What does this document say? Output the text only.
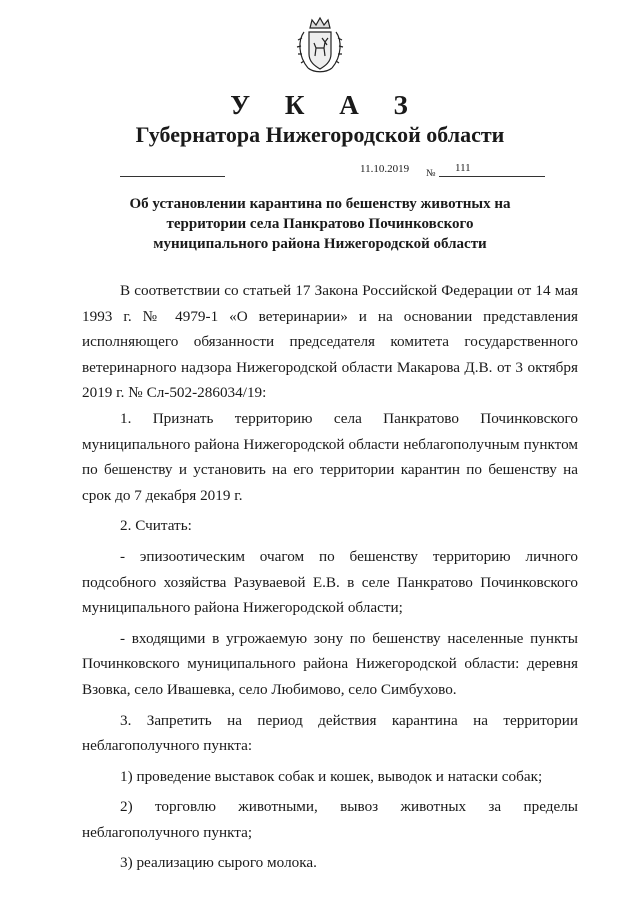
У К А З
Губернатора Нижегородской области
11.10.2019 № 111
Об установлении карантина по бешенству животных на
территории села Панкратово Починковского
муниципального района Нижегородской области

В соответствии со статьей 17 Закона Российской Федерации от 14 мая 1993 г. № 4979-1 «О ветеринарии» и на основании представления исполняющего обязанности председателя комитета государственного ветеринарного надзора Нижегородской области Макарова Д.В. от 3 октября 2019 г. № Сл-502-286034/19:

1. Признать территорию села Панкратово Починковского муниципального района Нижегородской области неблагополучным пунктом по бешенству и установить на его территории карантин по бешенству на срок до 7 декабря 2019 г.

2. Считать:

- эпизоотическим очагом по бешенству территорию личного подсобного хозяйства Разуваевой Е.В. в селе Панкратово Починковского муниципального района Нижегородской области;

- входящими в угрожаемую зону по бешенству населенные пункты Починковского муниципального района Нижегородской области: деревня Взовка, село Ивашевка, село Любимово, село Симбухово.

3. Запретить на период действия карантина на территории неблагополучного пункта:

1) проведение выставок собак и кошек, выводок и натаски собак;

2) торговлю животными, вывоз животных за пределы неблагополучного пункта;

3) реализацию сырого молока.
